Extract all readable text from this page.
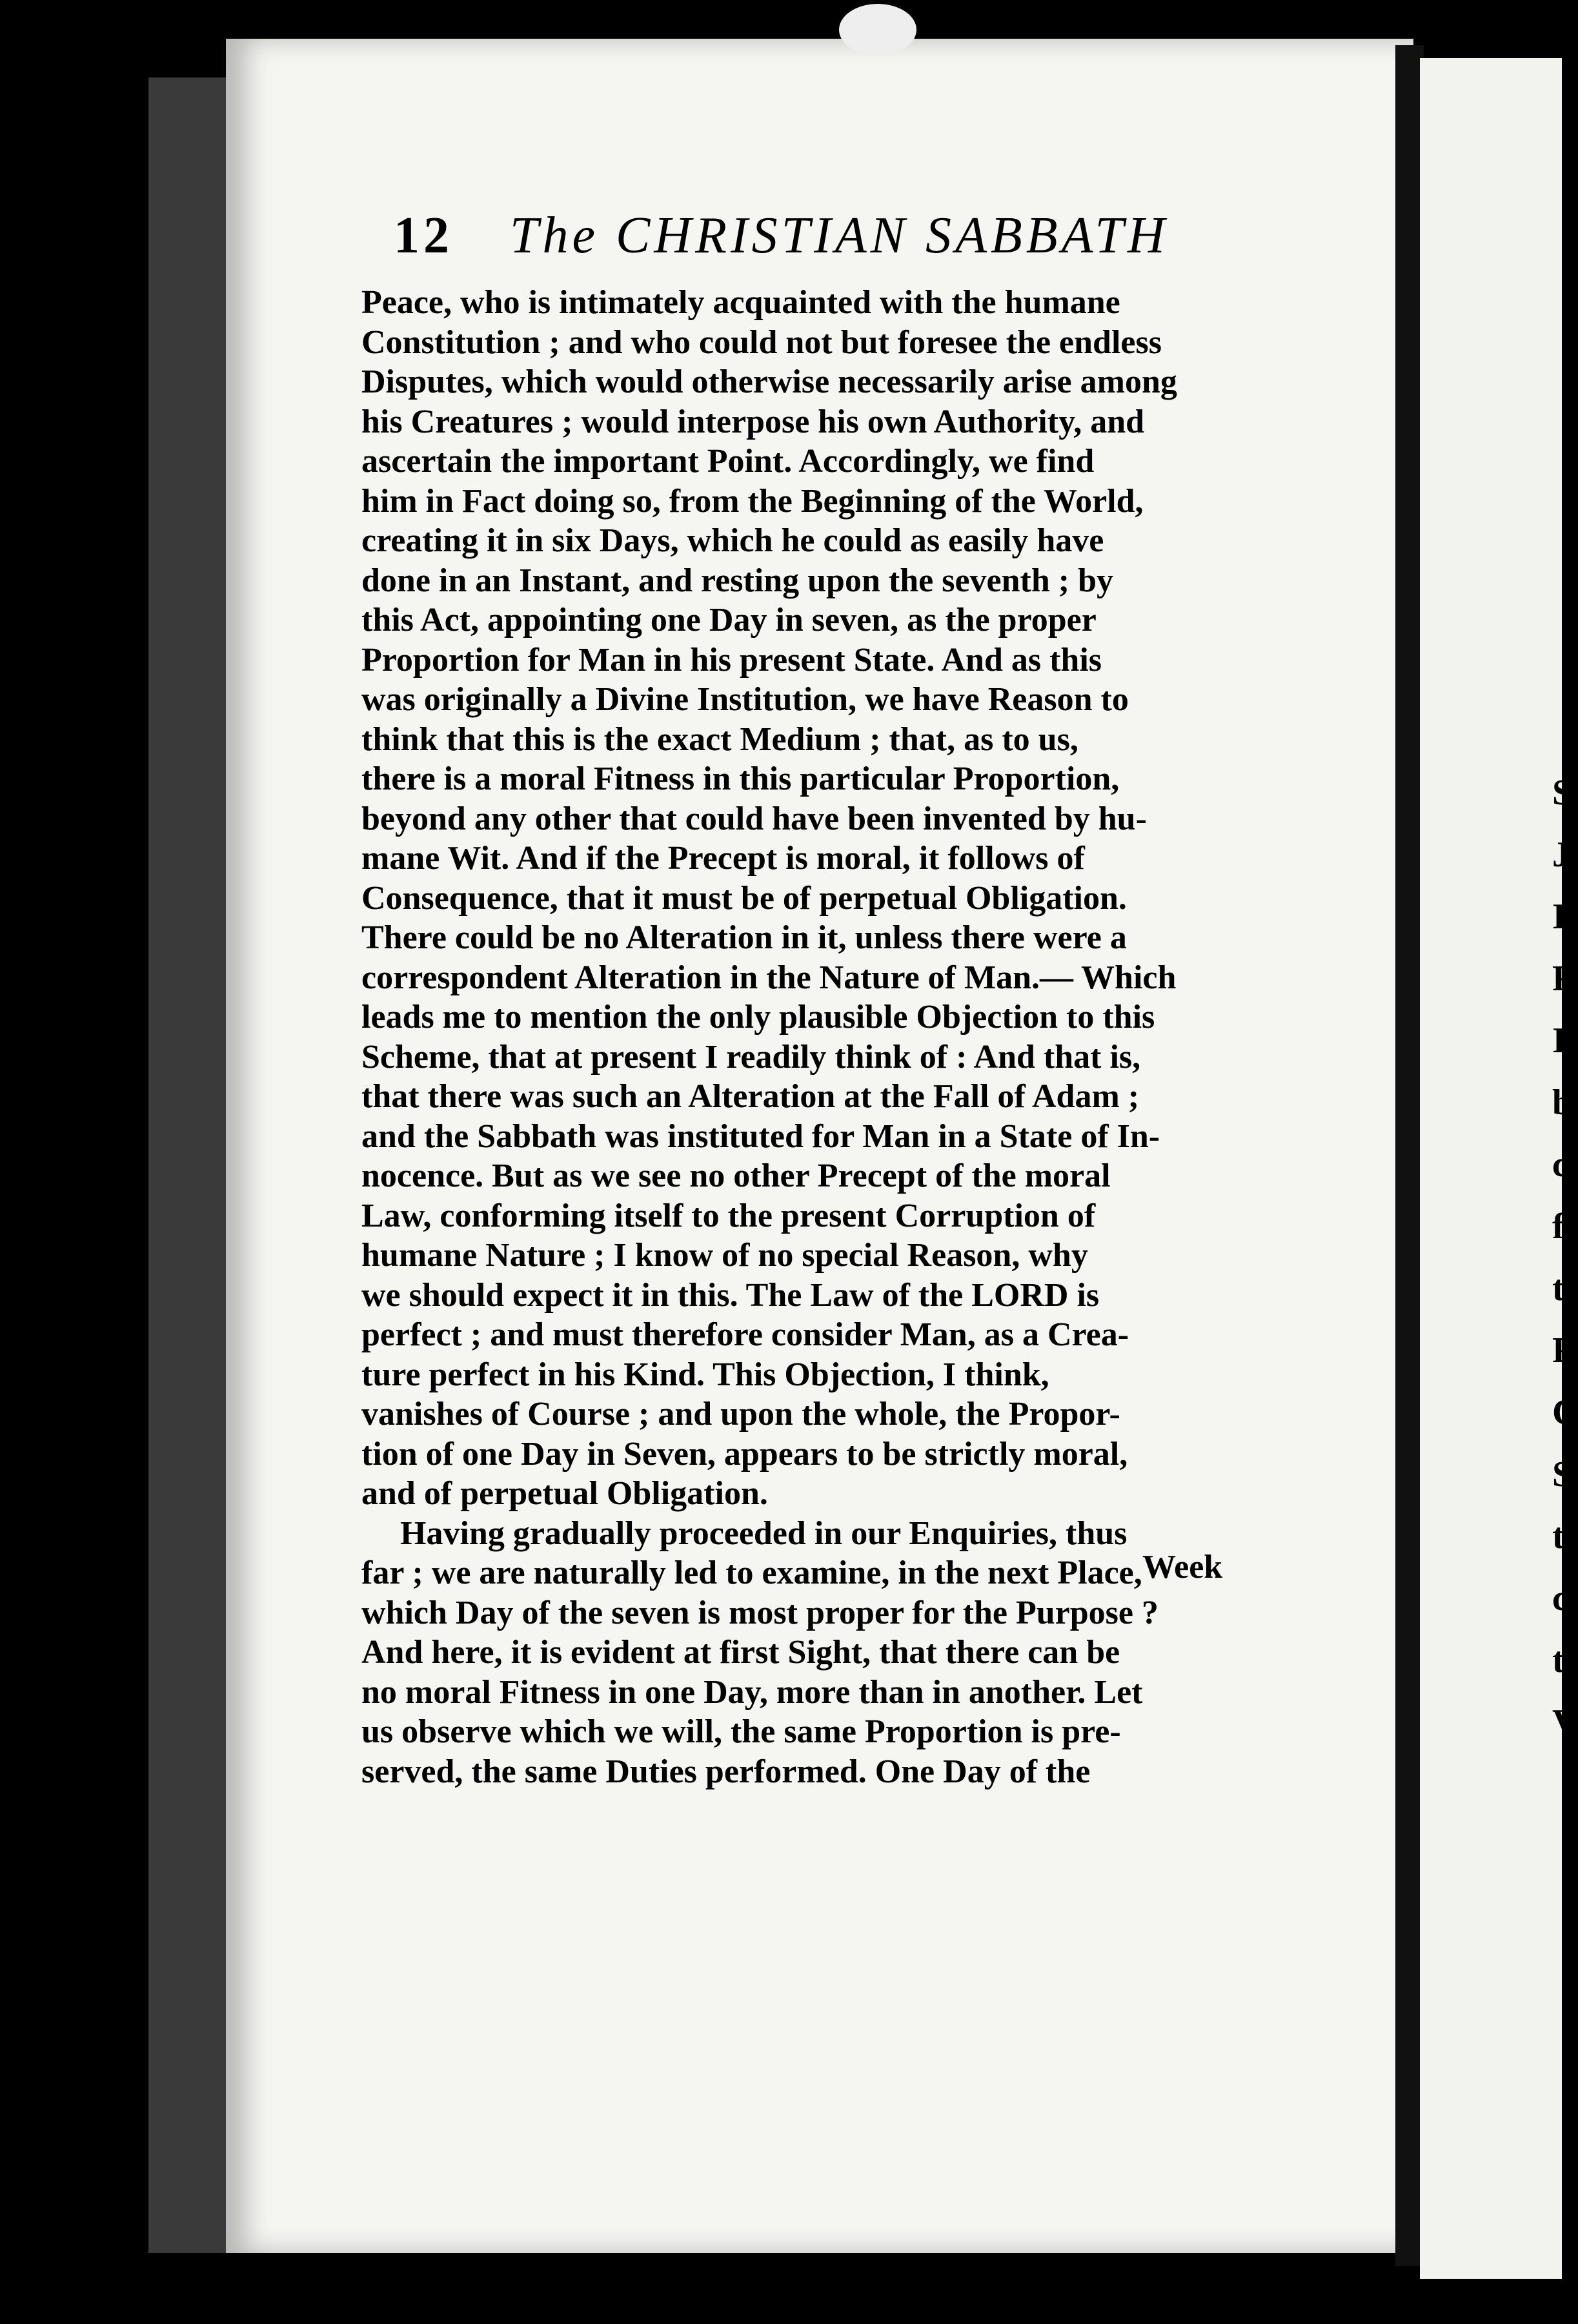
12 The CHRISTIAN SABBATH
Peace, who is intimately acquainted with the humane
Constitution ; and who could not but foresee the endless
Disputes, which would otherwise necessarily arise among
his Creatures ; would interpose his own Authority, and
ascertain the important Point. Accordingly, we find
him in Fact doing so, from the Beginning of the World,
creating it in six Days, which he could as easily have
done in an Instant, and resting upon the seventh ; by
this Act, appointing one Day in seven, as the proper
Proportion for Man in his present State. And as this
was originally a Divine Institution, we have Reason to
think that this is the exact Medium ; that, as to us,
there is a moral Fitness in this particular Proportion,
beyond any other that could have been invented by hu-
mane Wit. And if the Precept is moral, it follows of
Consequence, that it must be of perpetual Obligation.
There could be no Alteration in it, unless there were a
correspondent Alteration in the Nature of Man.— Which
leads me to mention the only plausible Objection to this
Scheme, that at present I readily think of : And that is,
that there was such an Alteration at the Fall of Adam ;
and the Sabbath was instituted for Man in a State of In-
nocence. But as we see no other Precept of the moral
Law, conforming itself to the present Corruption of
humane Nature ; I know of no special Reason, why
we should expect it in this. The Law of the LORD is
perfect ; and must therefore consider Man, as a Crea-
ture perfect in his Kind. This Objection, I think,
vanishes of Course ; and upon the whole, the Propor-
tion of one Day in Seven, appears to be strictly moral,
and of perpetual Obligation.
Having gradually proceeded in our Enquiries, thus
far ; we are naturally led to examine, in the next Place,
which Day of the seven is most proper for the Purpose ?
And here, it is evident at first Sight, that there can be
no moral Fitness in one Day, more than in another. Let
us observe which we will, the same Proportion is pre-
served, the same Duties performed. One Day of the
Week
S
J
I
F
I
b
c
f
t
F
C
S
t
c
t
V
